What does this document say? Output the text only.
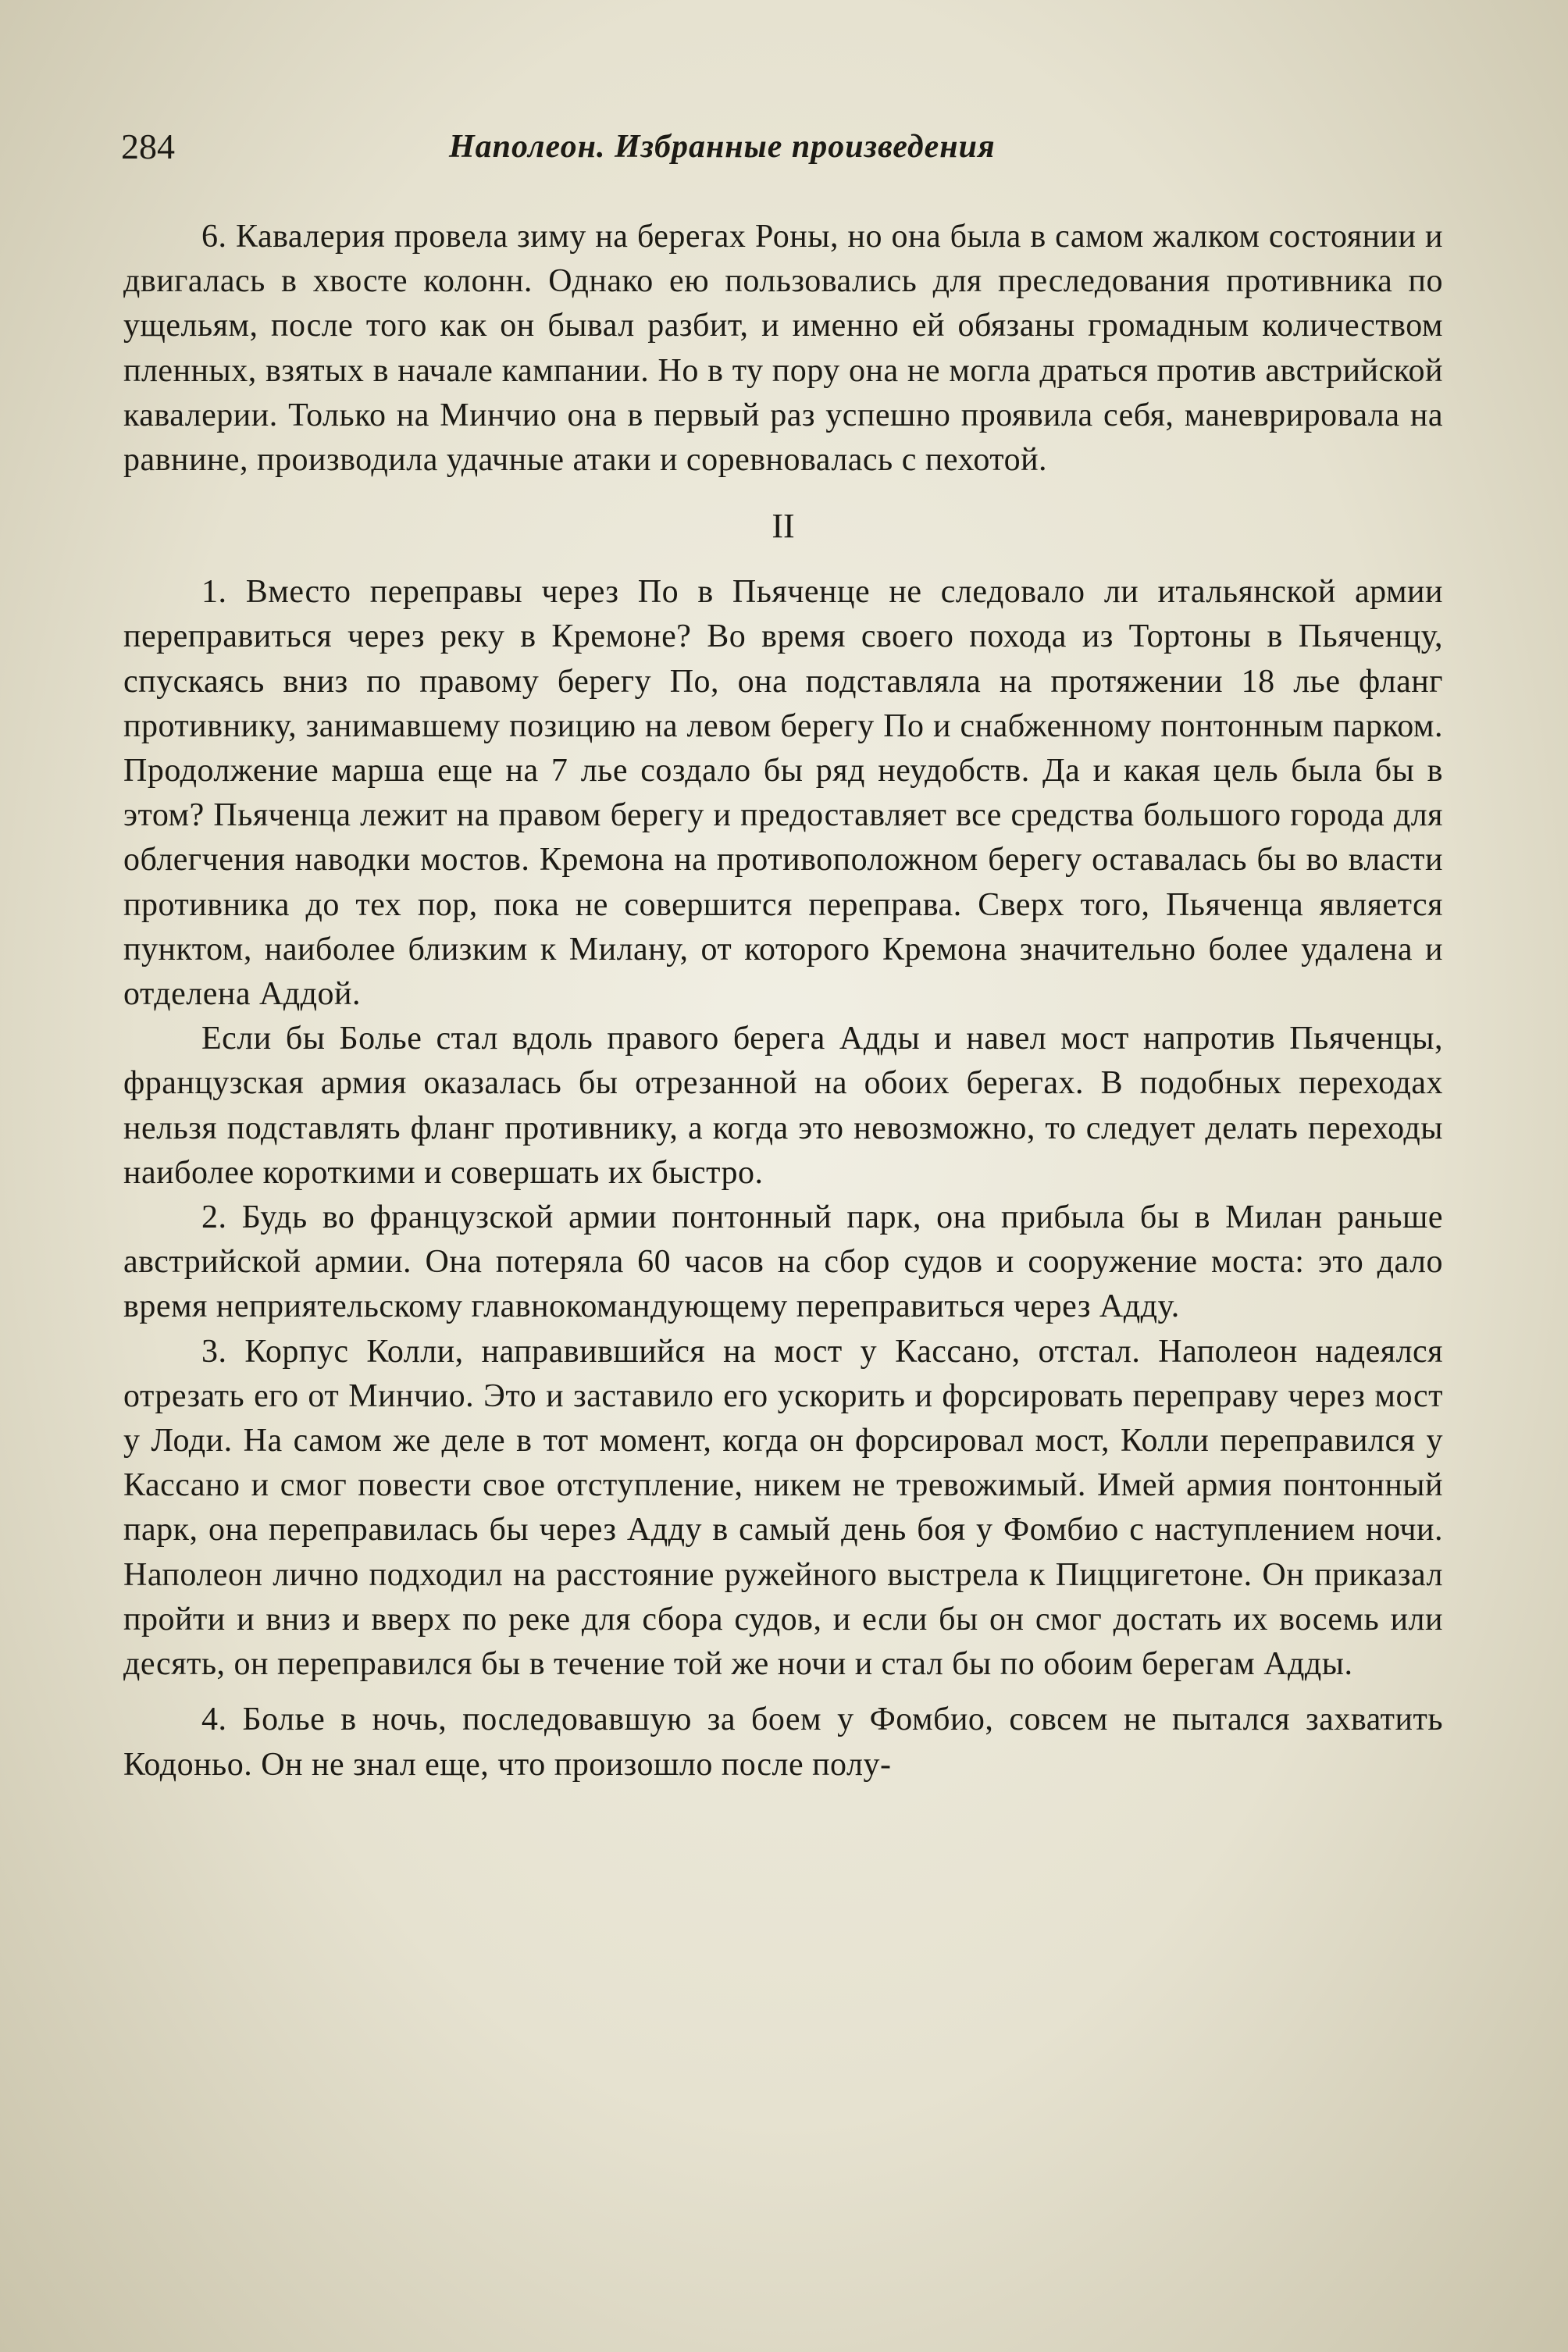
284	Наполеон. Избранные произведения

6. Кавалерия провела зиму на берегах Роны, но она была в самом жалком состоянии и двигалась в хвосте колонн. Однако ею пользовались для преследования противника по ущельям, после того как он бывал разбит, и именно ей обязаны громадным количеством пленных, взятых в начале кампании. Но в ту пору она не могла драться против австрийской кавалерии. Только на Минчио она в первый раз успешно проявила себя, маневрировала на равнине, производила удачные атаки и соревновалась с пехотой.

II

1. Вместо переправы через По в Пьяченце не следовало ли итальянской армии переправиться через реку в Кремоне? Во время своего похода из Тортоны в Пьяченцу, спускаясь вниз по правому берегу По, она подставляла на протяжении 18 лье фланг противнику, занимавшему позицию на левом берегу По и снабженному понтонным парком. Продолжение марша еще на 7 лье создало бы ряд неудобств. Да и какая цель была бы в этом? Пьяченца лежит на правом берегу и предоставляет все средства большого города для облегчения наводки мостов. Кремона на противоположном берегу оставалась бы во власти противника до тех пор, пока не совершится переправа. Сверх того, Пьяченца является пунктом, наиболее близким к Милану, от которого Кремона значительно более удалена и отделена Аддой.

Если бы Болье стал вдоль правого берега Адды и навел мост напротив Пьяченцы, французская армия оказалась бы отрезанной на обоих берегах. В подобных переходах нельзя подставлять фланг противнику, а когда это невозможно, то следует делать переходы наиболее короткими и совершать их быстро.

2. Будь во французской армии понтонный парк, она прибыла бы в Милан раньше австрийской армии. Она потеряла 60 часов на сбор судов и сооружение моста: это дало время неприятельскому главнокомандующему переправиться через Адду.

3. Корпус Колли, направившийся на мост у Кассано, отстал. Наполеон надеялся отрезать его от Минчио. Это и заставило его ускорить и форсировать переправу через мост у Лоди. На самом же деле в тот момент, когда он форсировал мост, Колли переправился у Кассано и смог повести свое отступление, никем не тревожимый. Имей армия понтонный парк, она переправилась бы через Адду в самый день боя у Фомбио с наступлением ночи. Наполеон лично подходил на расстояние ружейного выстрела к Пиццигетоне. Он приказал пройти и вниз и вверх по реке для сбора судов, и если бы он смог достать их восемь или десять, он переправился бы в течение той же ночи и стал бы по обоим берегам Адды.

4. Болье в ночь, последовавшую за боем у Фомбио, совсем не пытался захватить Кодоньо. Он не знал еще, что произошло после полу-
